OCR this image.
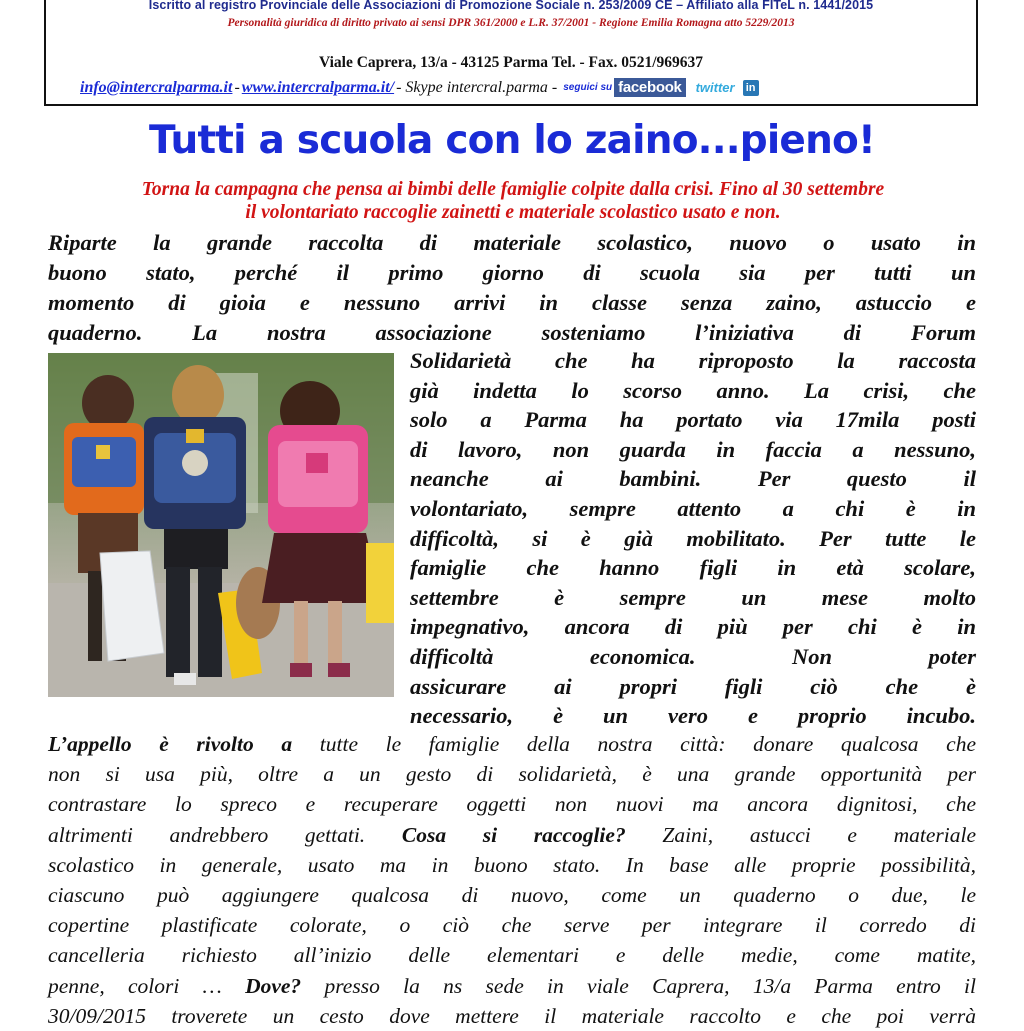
Iscritto al registro Provinciale delle Associazioni di Promozione Sociale n. 253/2009 CE – Affiliato alla FITeL n. 1441/2015
Personalità giuridica di diritto privato ai sensi DPR 361/2000 e L.R. 37/2001 - Regione Emilia Romagna atto 5229/2013
Viale Caprera, 13/a - 43125 Parma Tel. - Fax. 0521/969637
info@intercralparma.it - www.intercralparma.it/ - Skype intercral.parma - seguici su facebook	twitter in
Tutti a scuola con lo zaino...pieno!
Torna la campagna che pensa ai bimbi delle famiglie colpite dalla crisi. Fino al 30 settembre
il volontariato raccoglie zainetti e materiale scolastico usato e non.
Riparte la grande raccolta di materiale scolastico, nuovo o usato in
buono stato, perché il primo giorno di scuola sia per tutti un
momento di gioia e nessuno arrivi in classe senza zaino, astuccio e
quaderno. La nostra associazione sosteniamo l’iniziativa di Forum
Solidarietà che ha riproposto la raccosta
già indetta lo scorso anno. La crisi, che
solo a Parma ha portato via 17mila posti
di lavoro, non guarda in faccia a nessuno,
neanche ai bambini. Per questo il
volontariato, sempre attento a chi è in
difficoltà, si è già mobilitato. Per tutte le
famiglie che hanno figli in età scolare,
settembre è sempre un mese molto
impegnativo, ancora di più per chi è in
difficoltà economica. Non poter
assicurare ai propri figli ciò che è
necessario, è un vero e proprio incubo.
L’appello è rivolto a tutte le famiglie della nostra città: donare qualcosa che
non si usa più, oltre a un gesto di solidarietà, è una grande opportunità per
contrastare lo spreco e recuperare oggetti non nuovi ma ancora dignitosi, che
altrimenti andrebbero gettati. Cosa si raccoglie? Zaini, astucci e materiale
scolastico in generale, usato ma in buono stato. In base alle proprie possibilità,
ciascuno può aggiungere qualcosa di nuovo, come un quaderno o due, le
copertine plastificate colorate, o ciò che serve per integrare il corredo di
cancelleria richiesto all’inizio delle elementari e delle medie, come matite,
penne, colori … Dove? presso la ns sede in viale Caprera, 13/a Parma entro il
30/09/2015 troverete un cesto dove mettere il materiale raccolto e che poi verrà
